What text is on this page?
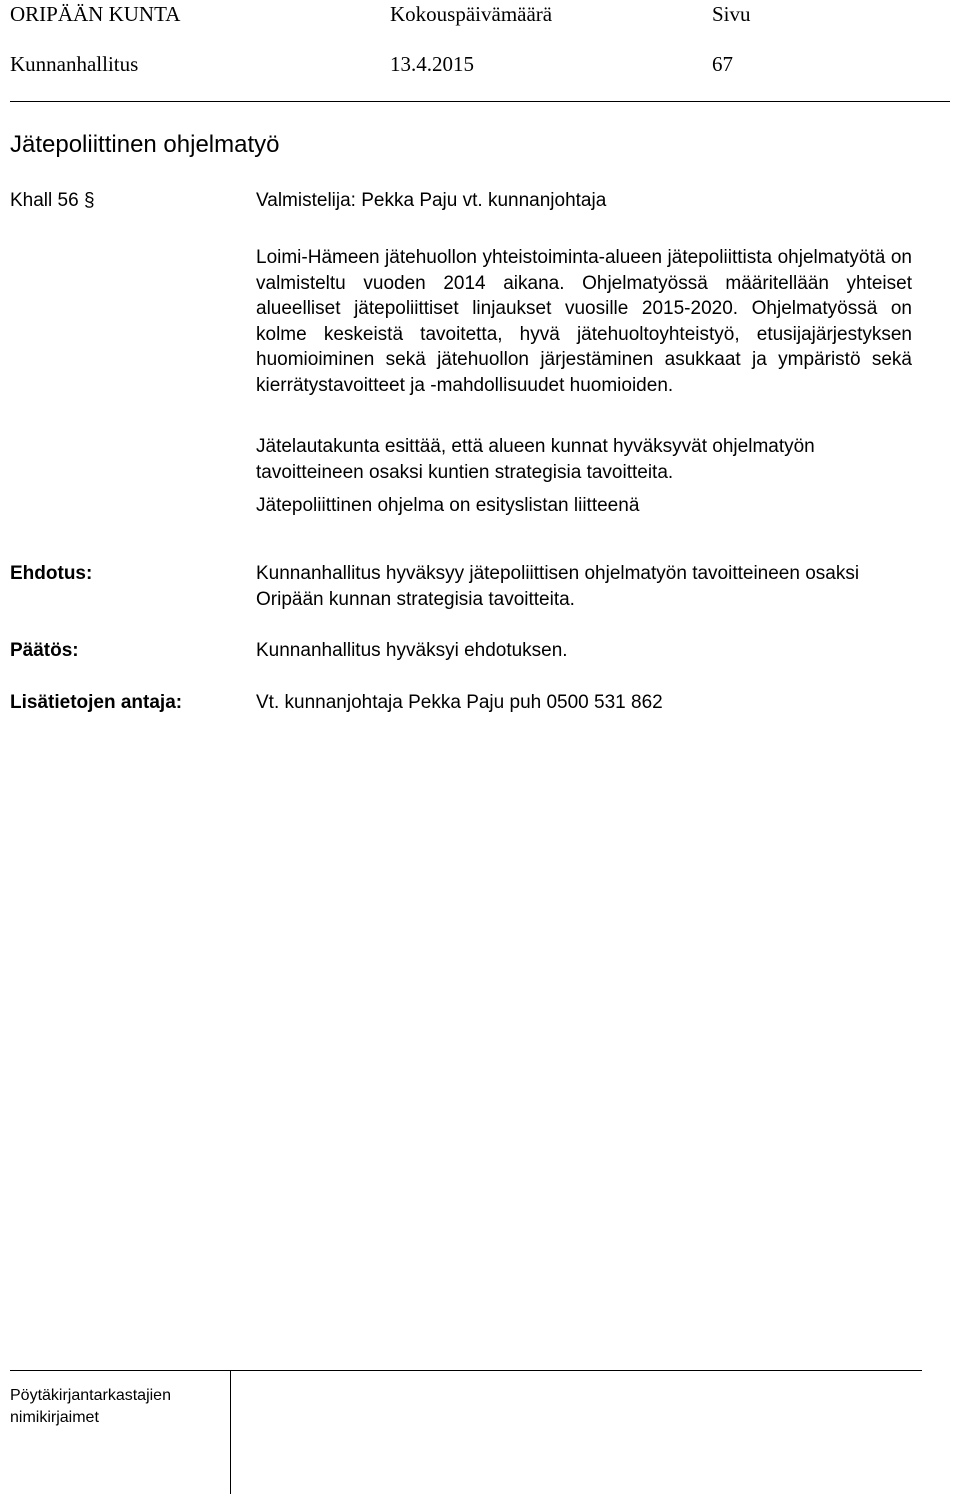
ORIPÄÄN KUNTA	Kokouspäivämäärä	Sivu
Kunnanhallitus	13.4.2015	67
Jätepoliittinen ohjelmatyö
Khall 56 §	Valmistelija: Pekka Paju vt. kunnanjohtaja
Loimi-Hämeen jätehuollon yhteistoiminta-alueen jätepoliittista ohjelmatyötä on valmisteltu vuoden 2014 aikana. Ohjelmatyössä määritellään yhteiset alueelliset jätepoliittiset linjaukset vuosille 2015-2020. Ohjelmatyössä on kolme keskeistä tavoitetta, hyvä jätehuoltoyhteistyö, etusijajärjestyksen huomioiminen sekä jätehuollon järjestäminen asukkaat ja ympäristö sekä kierrätystavoitteet ja -mahdollisuudet huomioiden.
Jätelautakunta esittää, että alueen kunnat hyväksyvät ohjelmatyön tavoitteineen osaksi kuntien strategisia tavoitteita.
Jätepoliittinen ohjelma on esityslistan liitteenä
Ehdotus:	Kunnanhallitus hyväksyy jätepoliittisen ohjelmatyön tavoitteineen osaksi Oripään kunnan strategisia tavoitteita.
Päätös:	Kunnanhallitus hyväksyi ehdotuksen.
Lisätietojen antaja:	Vt. kunnanjohtaja Pekka Paju puh 0500 531 862
Pöytäkirjantarkastajien
nimikirjaimet
